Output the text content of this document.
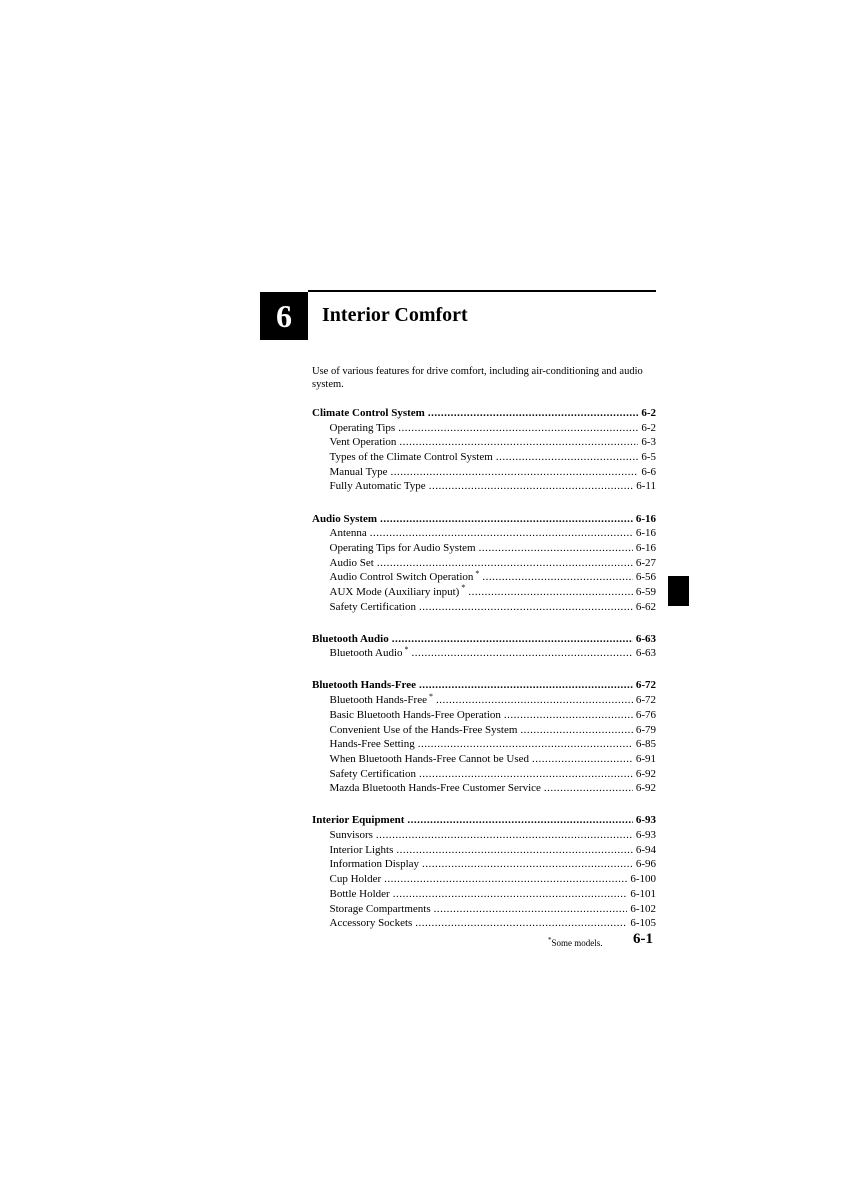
6 Interior Comfort
Use of various features for drive comfort, including air-conditioning and audio system.
Climate Control System .....	6-2
Operating Tips .....	6-2
Vent Operation .....	6-3
Types of the Climate Control System .....	6-5
Manual Type .....	6-6
Fully Automatic Type .....	6-11
Audio System .....	6-16
Antenna .....	6-16
Operating Tips for Audio System .....	6-16
Audio Set .....	6-27
Audio Control Switch Operation * .....	6-56
AUX Mode (Auxiliary input) * .....	6-59
Safety Certification .....	6-62
Bluetooth Audio .....	6-63
Bluetooth Audio * .....	6-63
Bluetooth Hands-Free .....	6-72
Bluetooth Hands-Free * .....	6-72
Basic Bluetooth Hands-Free Operation .....	6-76
Convenient Use of the Hands-Free System .....	6-79
Hands-Free Setting .....	6-85
When Bluetooth Hands-Free Cannot be Used .....	6-91
Safety Certification .....	6-92
Mazda Bluetooth Hands-Free Customer Service .....	6-92
Interior Equipment .....	6-93
Sunvisors .....	6-93
Interior Lights .....	6-94
Information Display .....	6-96
Cup Holder .....	6-100
Bottle Holder .....	6-101
Storage Compartments .....	6-102
Accessory Sockets .....	6-105
*Some models. 6-1
